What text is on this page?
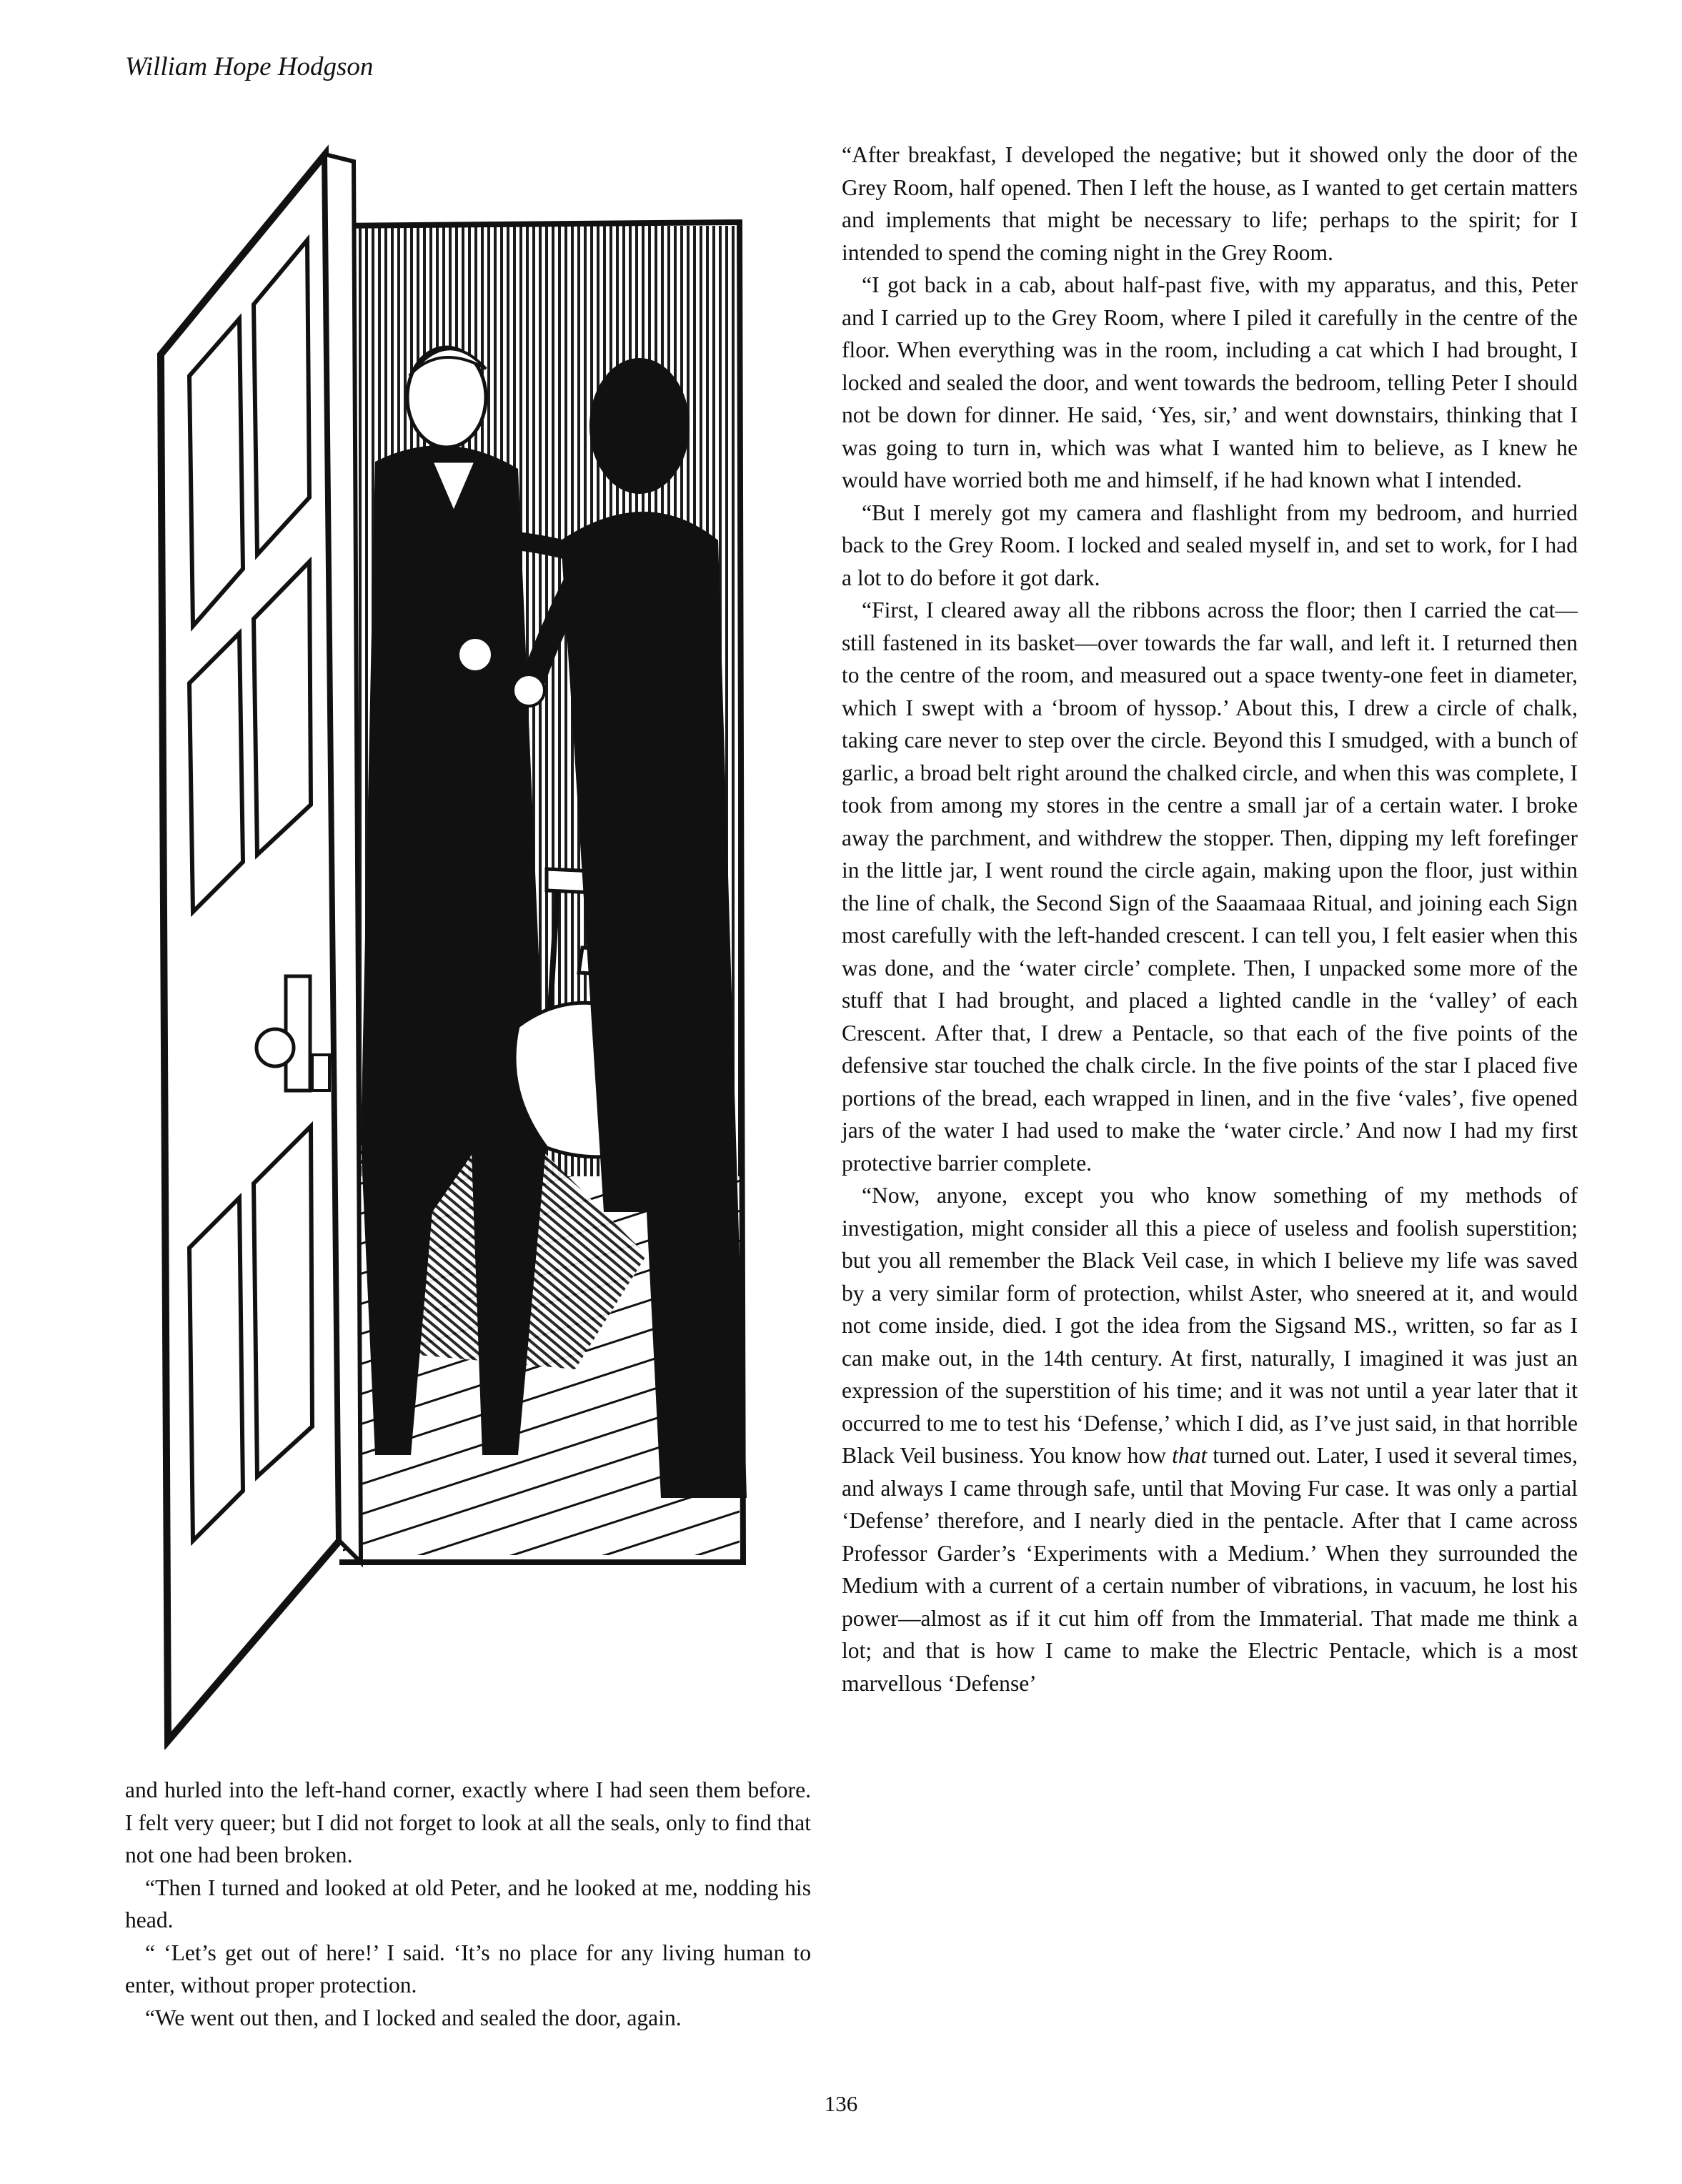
William Hope Hodgson

“After breakfast, I developed the negative; but it showed only the door of the Grey Room, half opened. Then I left the house, as I wanted to get certain matters and implements that might be necessary to life; perhaps to the spirit; for I intended to spend the coming night in the Grey Room.

“I got back in a cab, about half-past five, with my apparatus, and this, Peter and I carried up to the Grey Room, where I piled it carefully in the centre of the floor. When everything was in the room, including a cat which I had brought, I locked and sealed the door, and went towards the bedroom, telling Peter I should not be down for dinner. He said, ‘Yes, sir,’ and went downstairs, thinking that I was going to turn in, which was what I wanted him to believe, as I knew he would have worried both me and himself, if he had known what I intended.

“But I merely got my camera and flashlight from my bedroom, and hurried back to the Grey Room. I locked and sealed myself in, and set to work, for I had a lot to do before it got dark.

“First, I cleared away all the ribbons across the floor; then I carried the cat—still fastened in its basket—over towards the far wall, and left it. I returned then to the centre of the room, and measured out a space twenty-one feet in diameter, which I swept with a ‘broom of hyssop.’ About this, I drew a circle of chalk, taking care never to step over the circle. Beyond this I smudged, with a bunch of garlic, a broad belt right around the chalked circle, and when this was complete, I took from among my stores in the centre a small jar of a certain water. I broke away the parchment, and withdrew the stopper. Then, dipping my left forefinger in the little jar, I went round the circle again, making upon the floor, just within the line of chalk, the Second Sign of the Saaamaaa Ritual, and joining each Sign most carefully with the left-handed crescent. I can tell you, I felt easier when this was done, and the ‘water circle’ complete. Then, I unpacked some more of the stuff that I had brought, and placed a lighted candle in the ‘valley’ of each Crescent. After that, I drew a Pentacle, so that each of the five points of the defensive star touched the chalk circle. In the five points of the star I placed five portions of the bread, each wrapped in linen, and in the five ‘vales’, five opened jars of the water I had used to make the ‘water circle.’ And now I had my first protective barrier complete.

“Now, anyone, except you who know something of my methods of investigation, might consider all this a piece of useless and foolish superstition; but you all remember the Black Veil case, in which I believe my life was saved by a very similar form of protection, whilst Aster, who sneered at it, and would not come inside, died. I got the idea from the Sigsand MS., written, so far as I can make out, in the 14th century. At first, naturally, I imagined it was just an expression of the superstition of his time; and it was not until a year later that it occurred to me to test his ‘Defense,’ which I did, as I’ve just said, in that horrible Black Veil business. You know how that turned out. Later, I used it several times, and always I came through safe, until that Moving Fur case. It was only a partial ‘Defense’ therefore, and I nearly died in the pentacle. After that I came across Professor Garder’s ‘Experiments with a Medium.’ When they surrounded the Medium with a current of a certain number of vibrations, in vacuum, he lost his power—almost as if it cut him off from the Immaterial. That made me think a lot; and that is how I came to make the Electric Pentacle, which is a most marvellous ‘Defense’

and hurled into the left-hand corner, exactly where I had seen them before. I felt very queer; but I did not forget to look at all the seals, only to find that not one had been broken.

“Then I turned and looked at old Peter, and he looked at me, nodding his head.

“ ‘Let’s get out of here!’ I said. ‘It’s no place for any living human to enter, without proper protection.

“We went out then, and I locked and sealed the door, again.

136
